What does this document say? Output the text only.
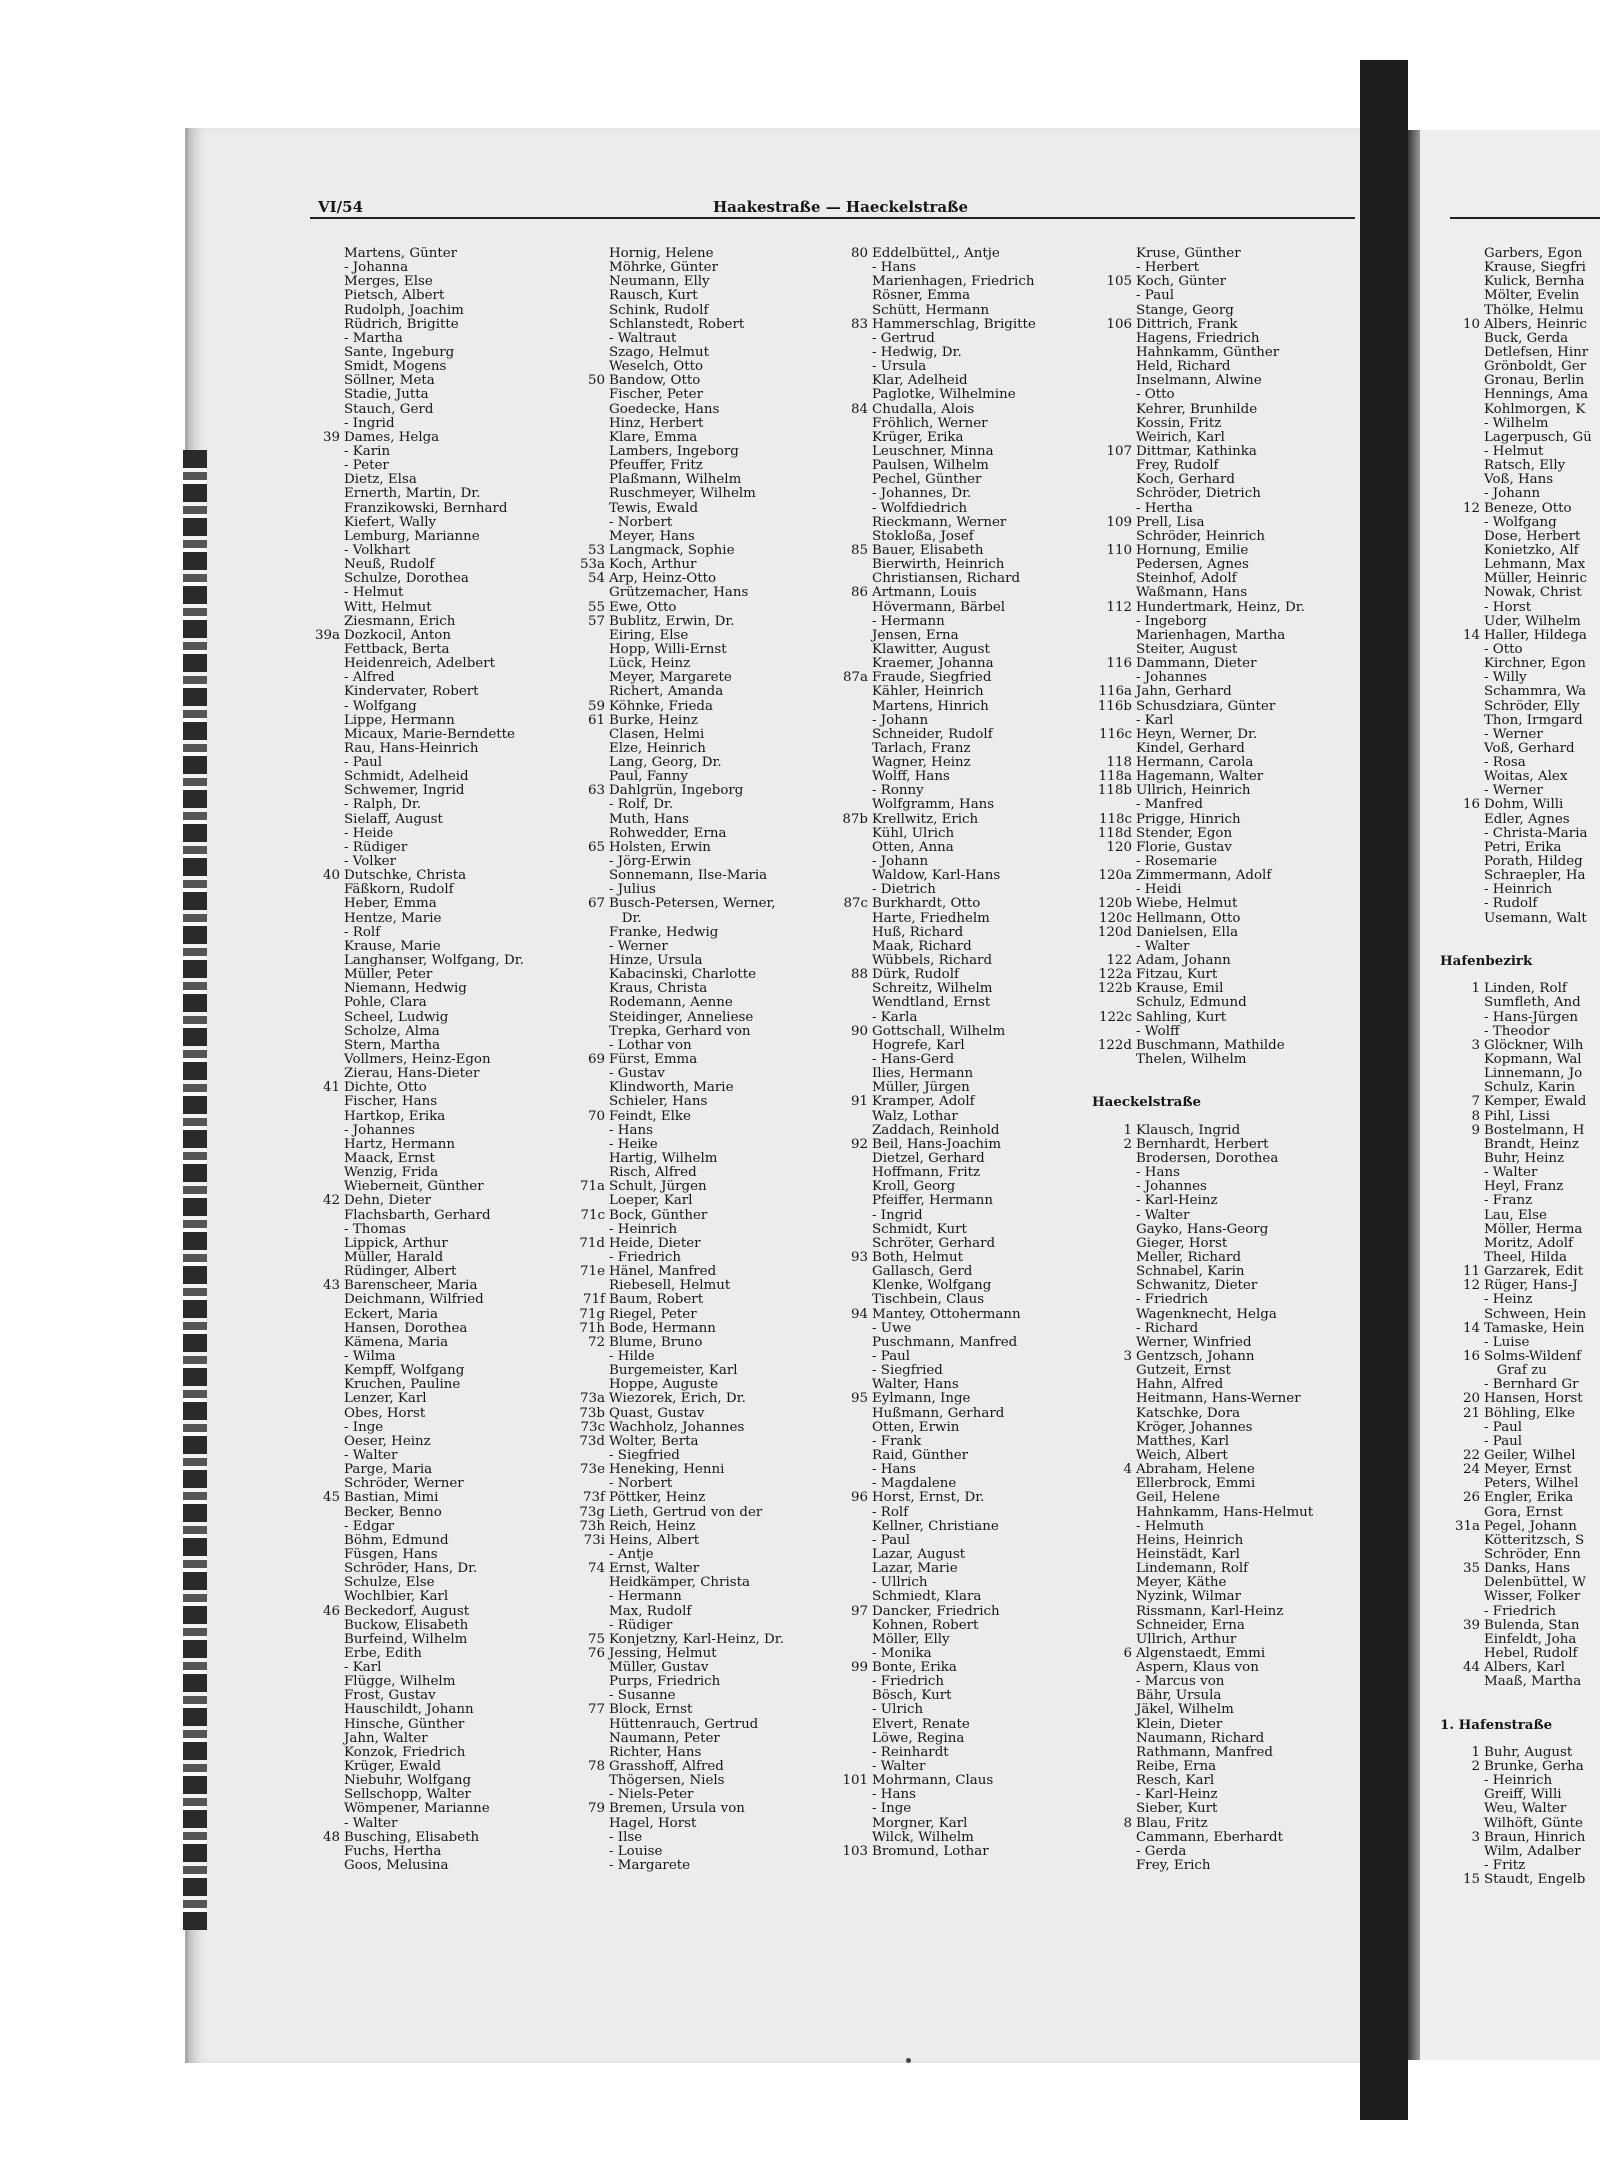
VI/54	Haakestraße — Haeckelstraße
Martens, Günter
- Johanna
Merges, Else
Pietsch, Albert
Rudolph, Joachim
Rüdrich, Brigitte
- Martha
Sante, Ingeburg
Smidt, Mogens
Söllner, Meta
Stadie, Jutta
Stauch, Gerd
- Ingrid
39 Dames, Helga
- Karin
- Peter
Dietz, Elsa
Ernerth, Martin, Dr.
Franzikowski, Bernhard
Kiefert, Wally
Lemburg, Marianne
- Volkhart
Neuß, Rudolf
Schulze, Dorothea
- Helmut
Witt, Helmut
Ziesmann, Erich
39a Dozkocil, Anton
Fettback, Berta
Heidenreich, Adelbert
- Alfred
Kindervater, Robert
- Wolfgang
Lippe, Hermann
Micaux, Marie-Berndette
Rau, Hans-Heinrich
- Paul
Schmidt, Adelheid
Schwemer, Ingrid
- Ralph, Dr.
Sielaff, August
- Heide
- Rüdiger
- Volker
40 Dutschke, Christa
Fäßkorn, Rudolf
Heber, Emma
Hentze, Marie
- Rolf
Krause, Marie
Langhanser, Wolfgang, Dr.
Müller, Peter
Niemann, Hedwig
Pohle, Clara
Scheel, Ludwig
Scholze, Alma
Stern, Martha
Vollmers, Heinz-Egon
Zierau, Hans-Dieter
41 Dichte, Otto
Fischer, Hans
Hartkop, Erika
- Johannes
Hartz, Hermann
Maack, Ernst
Wenzig, Frida
Wieberneit, Günther
42 Dehn, Dieter
Flachsbarth, Gerhard
- Thomas
Lippick, Arthur
Müller, Harald
Rüdinger, Albert
43 Barenscheer, Maria
Deichmann, Wilfried
Eckert, Maria
Hansen, Dorothea
Kämena, Maria
- Wilma
Kempff, Wolfgang
Kruchen, Pauline
Lenzer, Karl
Obes, Horst
- Inge
Oeser, Heinz
- Walter
Parge, Maria
Schröder, Werner
45 Bastian, Mimi
Becker, Benno
- Edgar
Böhm, Edmund
Füsgen, Hans
Schröder, Hans, Dr.
Schulze, Else
Wochlbier, Karl
46 Beckedorf, August
Buckow, Elisabeth
Burfeind, Wilhelm
Erbe, Edith
- Karl
Flügge, Wilhelm
Frost, Gustav
Hauschildt, Johann
Hinsche, Günther
Jahn, Walter
Konzok, Friedrich
Krüger, Ewald
Niebuhr, Wolfgang
Sellschopp, Walter
Wömpener, Marianne
- Walter
48 Busching, Elisabeth
Fuchs, Hertha
Goos, Melusina
Hornig, Helene
Möhrke, Günter
Neumann, Elly
Rausch, Kurt
Schink, Rudolf
Schlanstedt, Robert
- Waltraut
Szago, Helmut
Weselch, Otto
50 Bandow, Otto
Fischer, Peter
Goedecke, Hans
Hinz, Herbert
Klare, Emma
Lambers, Ingeborg
Pfeuffer, Fritz
Plaßmann, Wilhelm
Ruschmeyer, Wilhelm
Tewis, Ewald
- Norbert
Meyer, Hans
53 Langmack, Sophie
53a Koch, Arthur
54 Arp, Heinz-Otto
Grützemacher, Hans
55 Ewe, Otto
57 Bublitz, Erwin, Dr.
Eiring, Else
Hopp, Willi-Ernst
Lück, Heinz
Meyer, Margarete
Richert, Amanda
59 Köhnke, Frieda
61 Burke, Heinz
Clasen, Helmi
Elze, Heinrich
Lang, Georg, Dr.
Paul, Fanny
63 Dahlgrün, Ingeborg
- Rolf, Dr.
Muth, Hans
Rohwedder, Erna
65 Holsten, Erwin
- Jörg-Erwin
Sonnemann, Ilse-Maria
- Julius
67 Busch-Petersen, Werner,
Dr.
Franke, Hedwig
- Werner
Hinze, Ursula
Kabacinski, Charlotte
Kraus, Christa
Rodemann, Aenne
Steidinger, Anneliese
Trepka, Gerhard von
- Lothar von
69 Fürst, Emma
- Gustav
Klindworth, Marie
Schieler, Hans
70 Feindt, Elke
- Hans
- Heike
Hartig, Wilhelm
Risch, Alfred
71a Schult, Jürgen
Loeper, Karl
71c Bock, Günther
- Heinrich
71d Heide, Dieter
- Friedrich
71e Hänel, Manfred
Riebesell, Helmut
71f Baum, Robert
71g Riegel, Peter
71h Bode, Hermann
72 Blume, Bruno
- Hilde
Burgemeister, Karl
Hoppe, Auguste
73a Wiezorek, Erich, Dr.
73b Quast, Gustav
73c Wachholz, Johannes
73d Wolter, Berta
- Siegfried
73e Heneking, Henni
- Norbert
73f Pöttker, Heinz
73g Lieth, Gertrud von der
73h Reich, Heinz
73i Heins, Albert
- Antje
74 Ernst, Walter
Heidkämper, Christa
- Hermann
Max, Rudolf
- Rüdiger
75 Konjetzny, Karl-Heinz, Dr.
76 Jessing, Helmut
Müller, Gustav
Purps, Friedrich
- Susanne
77 Block, Ernst
Hüttenrauch, Gertrud
Naumann, Peter
Richter, Hans
78 Grasshoff, Alfred
Thögersen, Niels
- Niels-Peter
79 Bremen, Ursula von
Hagel, Horst
- Ilse
- Louise
- Margarete
80 Eddelbüttel,, Antje
- Hans
Marienhagen, Friedrich
Rösner, Emma
Schütt, Hermann
83 Hammerschlag, Brigitte
- Gertrud
- Hedwig, Dr.
- Ursula
Klar, Adelheid
Paglotke, Wilhelmine
84 Chudalla, Alois
Fröhlich, Werner
Krüger, Erika
Leuschner, Minna
Paulsen, Wilhelm
Pechel, Günther
- Johannes, Dr.
- Wolfdiedrich
Rieckmann, Werner
Stokloßa, Josef
85 Bauer, Elisabeth
Bierwirth, Heinrich
Christiansen, Richard
86 Artmann, Louis
Hövermann, Bärbel
- Hermann
Jensen, Erna
Klawitter, August
Kraemer, Johanna
87a Fraude, Siegfried
Kähler, Heinrich
Martens, Hinrich
- Johann
Schneider, Rudolf
Tarlach, Franz
Wagner, Heinz
Wolff, Hans
- Ronny
Wolfgramm, Hans
87b Krellwitz, Erich
Kühl, Ulrich
Otten, Anna
- Johann
Waldow, Karl-Hans
- Dietrich
87c Burkhardt, Otto
Harte, Friedhelm
Huß, Richard
Maak, Richard
Wübbels, Richard
88 Dürk, Rudolf
Schreitz, Wilhelm
Wendtland, Ernst
- Karla
90 Gottschall, Wilhelm
Hogrefe, Karl
- Hans-Gerd
Ilies, Hermann
Müller, Jürgen
91 Kramper, Adolf
Walz, Lothar
Zaddach, Reinhold
92 Beil, Hans-Joachim
Dietzel, Gerhard
Hoffmann, Fritz
Kroll, Georg
Pfeiffer, Hermann
- Ingrid
Schmidt, Kurt
Schröter, Gerhard
93 Both, Helmut
Gallasch, Gerd
Klenke, Wolfgang
Tischbein, Claus
94 Mantey, Ottohermann
- Uwe
Puschmann, Manfred
- Paul
- Siegfried
Walter, Hans
95 Eylmann, Inge
Hußmann, Gerhard
Otten, Erwin
- Frank
Raid, Günther
- Hans
- Magdalene
96 Horst, Ernst, Dr.
- Rolf
Kellner, Christiane
- Paul
Lazar, August
Lazar, Marie
- Ullrich
Schmiedt, Klara
97 Dancker, Friedrich
Kohnen, Robert
Möller, Elly
- Monika
99 Bonte, Erika
- Friedrich
Bösch, Kurt
- Ulrich
Elvert, Renate
Löwe, Regina
- Reinhardt
- Walter
101 Mohrmann, Claus
- Hans
- Inge
Morgner, Karl
Wilck, Wilhelm
103 Bromund, Lothar
Kruse, Günther
- Herbert
105 Koch, Günter
- Paul
Stange, Georg
106 Dittrich, Frank
Hagens, Friedrich
Hahnkamm, Günther
Held, Richard
Inselmann, Alwine
- Otto
Kehrer, Brunhilde
Kossin, Fritz
Weirich, Karl
107 Dittmar, Kathinka
Frey, Rudolf
Koch, Gerhard
Schröder, Dietrich
- Hertha
109 Prell, Lisa
Schröder, Heinrich
110 Hornung, Emilie
Pedersen, Agnes
Steinhof, Adolf
Waßmann, Hans
112 Hundertmark, Heinz, Dr.
- Ingeborg
Marienhagen, Martha
Steiter, August
116 Dammann, Dieter
- Johannes
116a Jahn, Gerhard
116b Schusdziara, Günter
- Karl
116c Heyn, Werner, Dr.
Kindel, Gerhard
118 Hermann, Carola
118a Hagemann, Walter
118b Ullrich, Heinrich
- Manfred
118c Prigge, Hinrich
118d Stender, Egon
120 Florie, Gustav
- Rosemarie
120a Zimmermann, Adolf
- Heidi
120b Wiebe, Helmut
120c Hellmann, Otto
120d Danielsen, Ella
- Walter
122 Adam, Johann
122a Fitzau, Kurt
122b Krause, Emil
Schulz, Edmund
122c Sahling, Kurt
- Wolff
122d Buschmann, Mathilde
Thelen, Wilhelm
Haeckelstraße
1 Klausch, Ingrid
2 Bernhardt, Herbert
Brodersen, Dorothea
- Hans
- Johannes
- Karl-Heinz
- Walter
Gayko, Hans-Georg
Gieger, Horst
Meller, Richard
Schnabel, Karin
Schwanitz, Dieter
- Friedrich
Wagenknecht, Helga
- Richard
Werner, Winfried
3 Gentzsch, Johann
Gutzeit, Ernst
Hahn, Alfred
Heitmann, Hans-Werner
Katschke, Dora
Kröger, Johannes
Matthes, Karl
Weich, Albert
4 Abraham, Helene
Ellerbrock, Emmi
Geil, Helene
Hahnkamm, Hans-Helmut
- Helmuth
Heins, Heinrich
Heinstädt, Karl
Lindemann, Rolf
Meyer, Käthe
Nyzink, Wilmar
Rissmann, Karl-Heinz
Schneider, Erna
Ullrich, Arthur
6 Algenstaedt, Emmi
Aspern, Klaus von
- Marcus von
Bähr, Ursula
Jäkel, Wilhelm
Klein, Dieter
Naumann, Richard
Rathmann, Manfred
Reibe, Erna
Resch, Karl
- Karl-Heinz
Sieber, Kurt
8 Blau, Fritz
Cammann, Eberhardt
- Gerda
Frey, Erich
Garbers, Egon
Krause, Siegfri
Kulick, Bernha
Mölter, Evelin
Thölke, Helmu
10 Albers, Heinric
Buck, Gerda
Detlefsen, Hinr
Grönboldt, Ger
Gronau, Berlin
Hennings, Ama
Kohlmorgen, K
- Wilhelm
Lagerpusch, Gü
- Helmut
Ratsch, Elly
Voß, Hans
- Johann
12 Beneze, Otto
- Wolfgang
Dose, Herbert
Konietzko, Alf
Lehmann, Max
Müller, Heinric
Nowak, Christ
- Horst
Uder, Wilhelm
14 Haller, Hildega
- Otto
Kirchner, Egon
- Willy
Schammra, Wa
Schröder, Elly
Thon, Irmgard
- Werner
Voß, Gerhard
- Rosa
Woitas, Alex
- Werner
16 Dohm, Willi
Edler, Agnes
- Christa-Maria
Petri, Erika
Porath, Hildeg
Schraepler, Ha
- Heinrich
- Rudolf
Usemann, Walt
Hafenbezirk
1 Linden, Rolf
Sumfleth, And
- Hans-Jürgen
- Theodor
3 Glöckner, Wilh
Kopmann, Wal
Linnemann, Jo
Schulz, Karin
7 Kemper, Ewald
8 Pihl, Lissi
9 Bostelmann, H
Brandt, Heinz
Buhr, Heinz
- Walter
Heyl, Franz
- Franz
Lau, Else
Möller, Herma
Moritz, Adolf
Theel, Hilda
11 Garzarek, Edit
12 Rüger, Hans-J
- Heinz
Schween, Hein
14 Tamaske, Hein
- Luise
16 Solms-Wildenf
Graf zu
- Bernhard Gr
20 Hansen, Horst
21 Böhling, Elke
- Paul
- Paul
22 Geiler, Wilhel
24 Meyer, Ernst
Peters, Wilhel
26 Engler, Erika
Gora, Ernst
31a Pegel, Johann
Kötteritzsch, S
Schröder, Enn
35 Danks, Hans
Delenbüttel, W
Wisser, Folker
- Friedrich
39 Bulenda, Stan
Einfeldt, Joha
Hebel, Rudolf
44 Albers, Karl
Maaß, Martha
1. Hafenstraße
1 Buhr, August
2 Brunke, Gerha
- Heinrich
Greiff, Willi
Weu, Walter
Wilhöft, Günte
3 Braun, Hinrich
Wilm, Adalber
- Fritz
15 Staudt, Engelb
